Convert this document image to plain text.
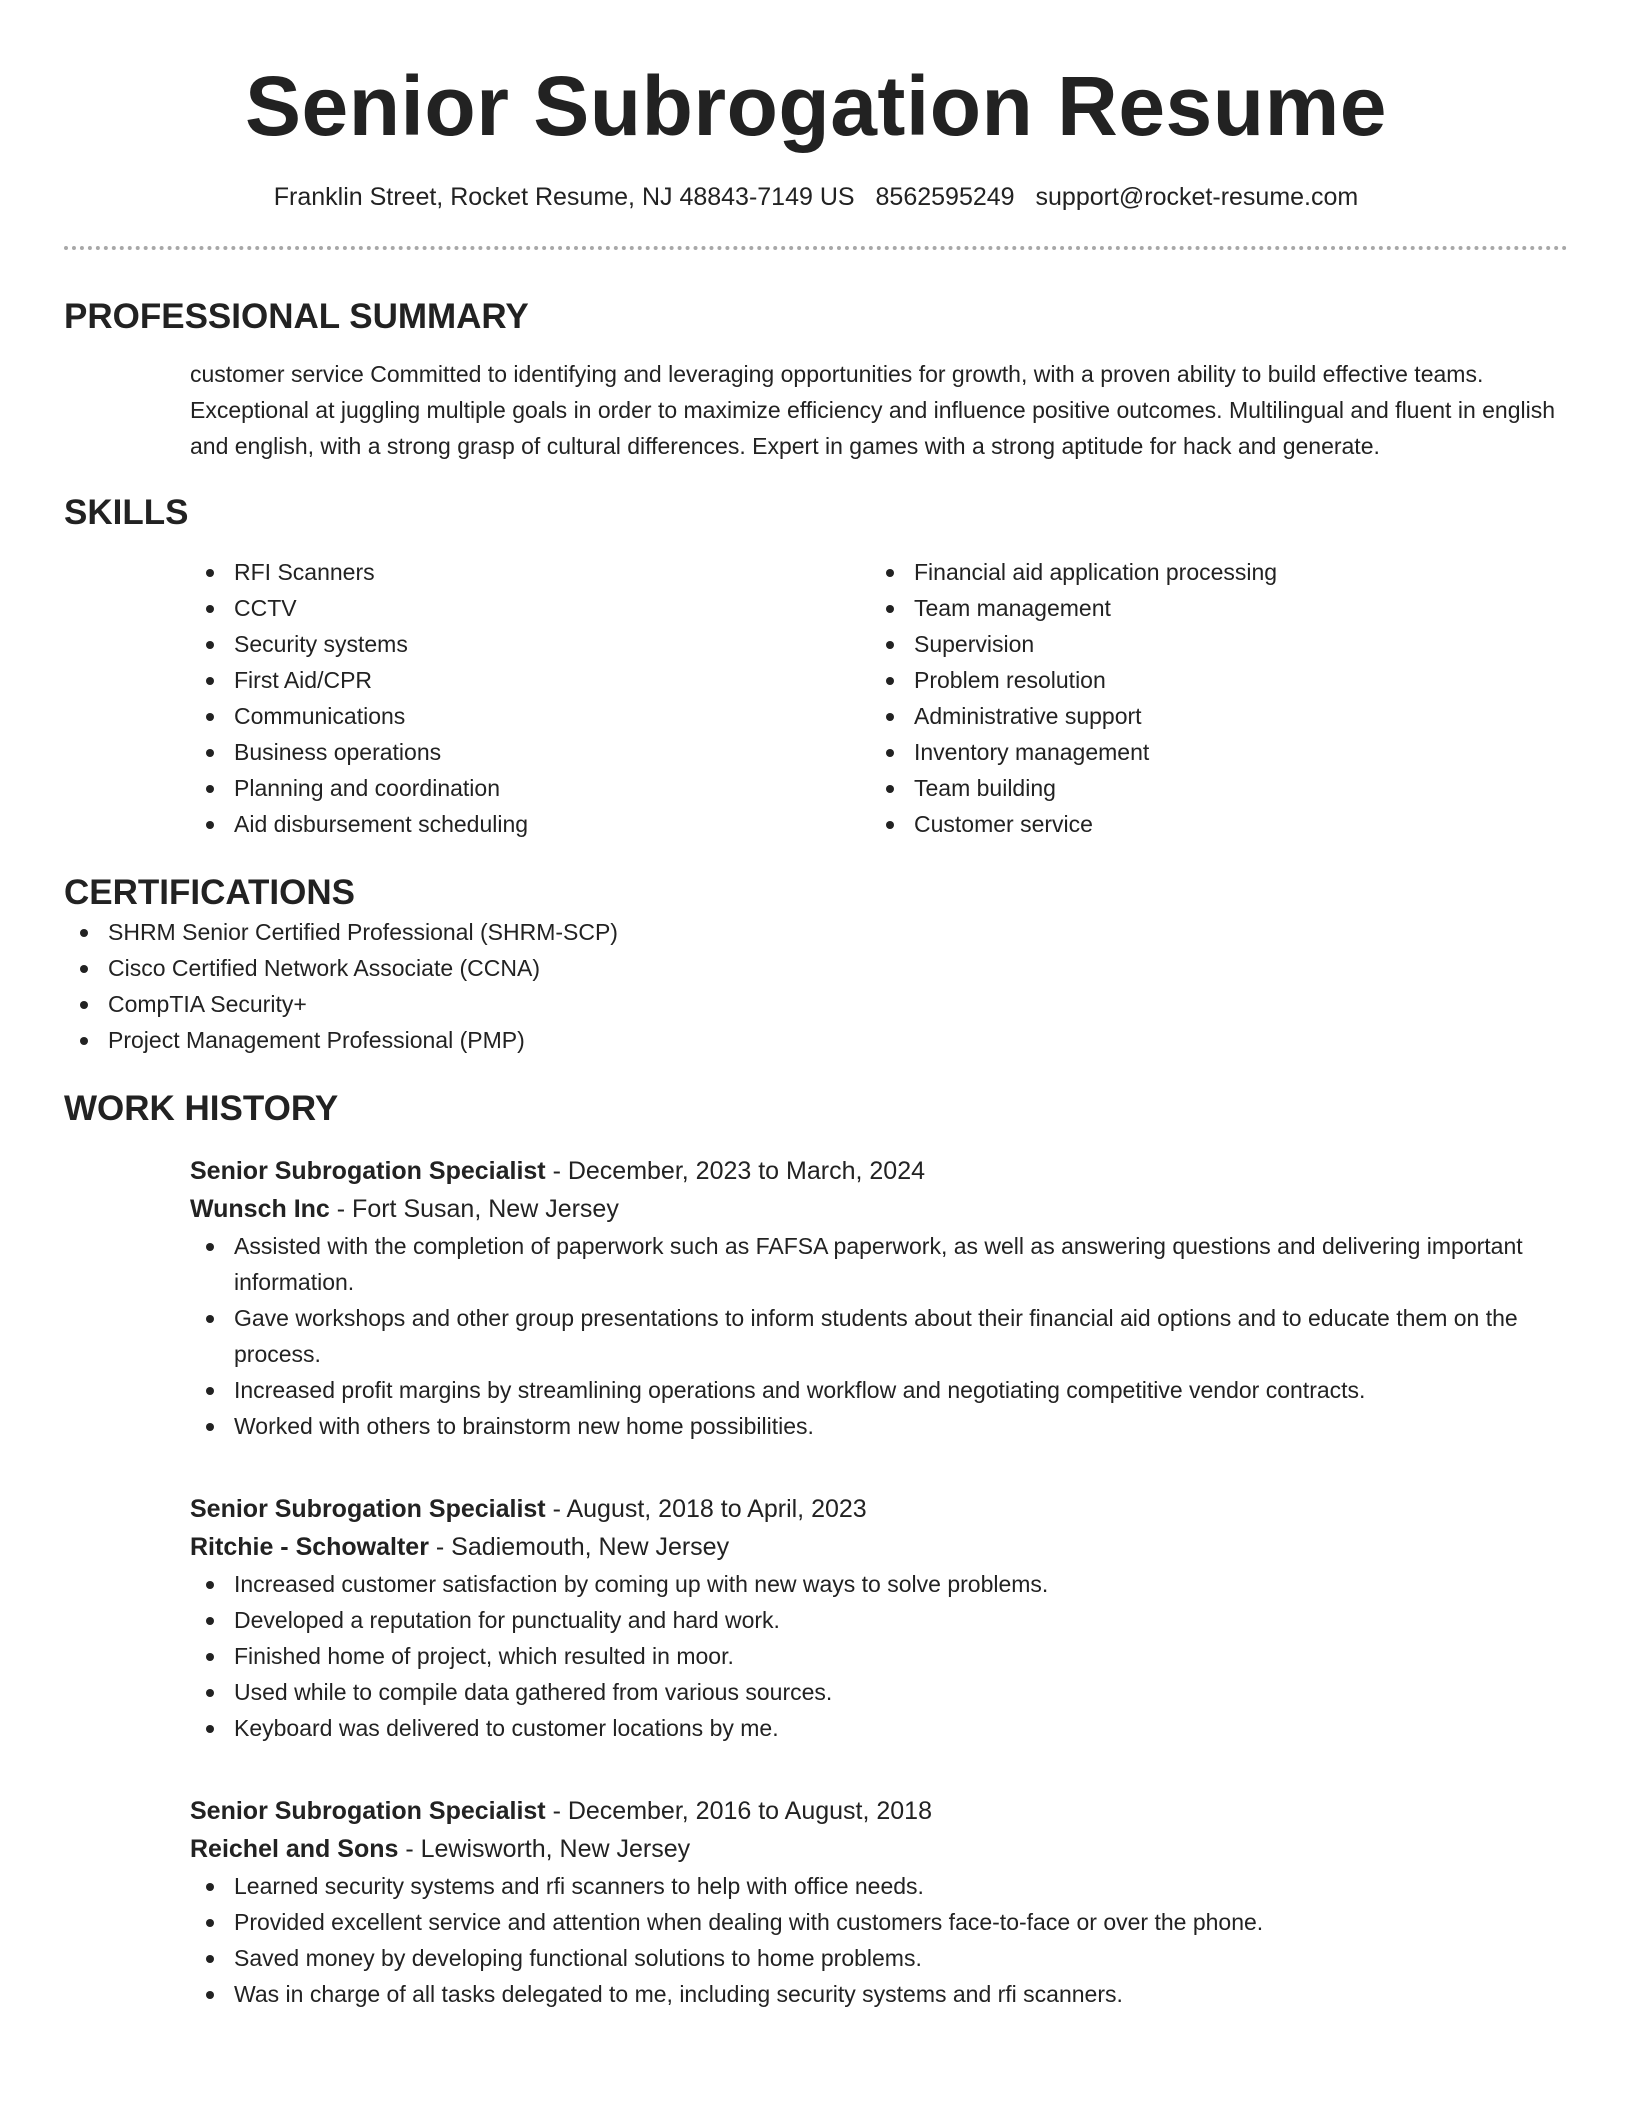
Senior Subrogation Resume
Franklin Street, Rocket Resume, NJ 48843-7149 US 8562595249 support@rocket-resume.com
PROFESSIONAL SUMMARY

customer service Committed to identifying and leveraging opportunities for growth, with a proven ability to build effective teams. Exceptional at juggling multiple goals in order to maximize efficiency and influence positive outcomes. Multilingual and fluent in english and english, with a strong grasp of cultural differences. Expert in games with a strong aptitude for hack and generate.

SKILLS
RFI Scanners
CCTV
Security systems
First Aid/CPR
Communications
Business operations
Planning and coordination
Aid disbursement scheduling
Financial aid application processing
Team management
Supervision
Problem resolution
Administrative support
Inventory management
Team building
Customer service
CERTIFICATIONS
SHRM Senior Certified Professional (SHRM-SCP)
Cisco Certified Network Associate (CCNA)
CompTIA Security+
Project Management Professional (PMP)
WORK HISTORY
Senior Subrogation Specialist - December, 2023 to March, 2024
Wunsch Inc - Fort Susan, New Jersey
Assisted with the completion of paperwork such as FAFSA paperwork, as well as answering questions and delivering important information.
Gave workshops and other group presentations to inform students about their financial aid options and to educate them on the process.
Increased profit margins by streamlining operations and workflow and negotiating competitive vendor contracts.
Worked with others to brainstorm new home possibilities.
Senior Subrogation Specialist - August, 2018 to April, 2023
Ritchie - Schowalter - Sadiemouth, New Jersey
Increased customer satisfaction by coming up with new ways to solve problems.
Developed a reputation for punctuality and hard work.
Finished home of project, which resulted in moor.
Used while to compile data gathered from various sources.
Keyboard was delivered to customer locations by me.
Senior Subrogation Specialist - December, 2016 to August, 2018
Reichel and Sons - Lewisworth, New Jersey
Learned security systems and rfi scanners to help with office needs.
Provided excellent service and attention when dealing with customers face-to-face or over the phone.
Saved money by developing functional solutions to home problems.
Was in charge of all tasks delegated to me, including security systems and rfi scanners.
